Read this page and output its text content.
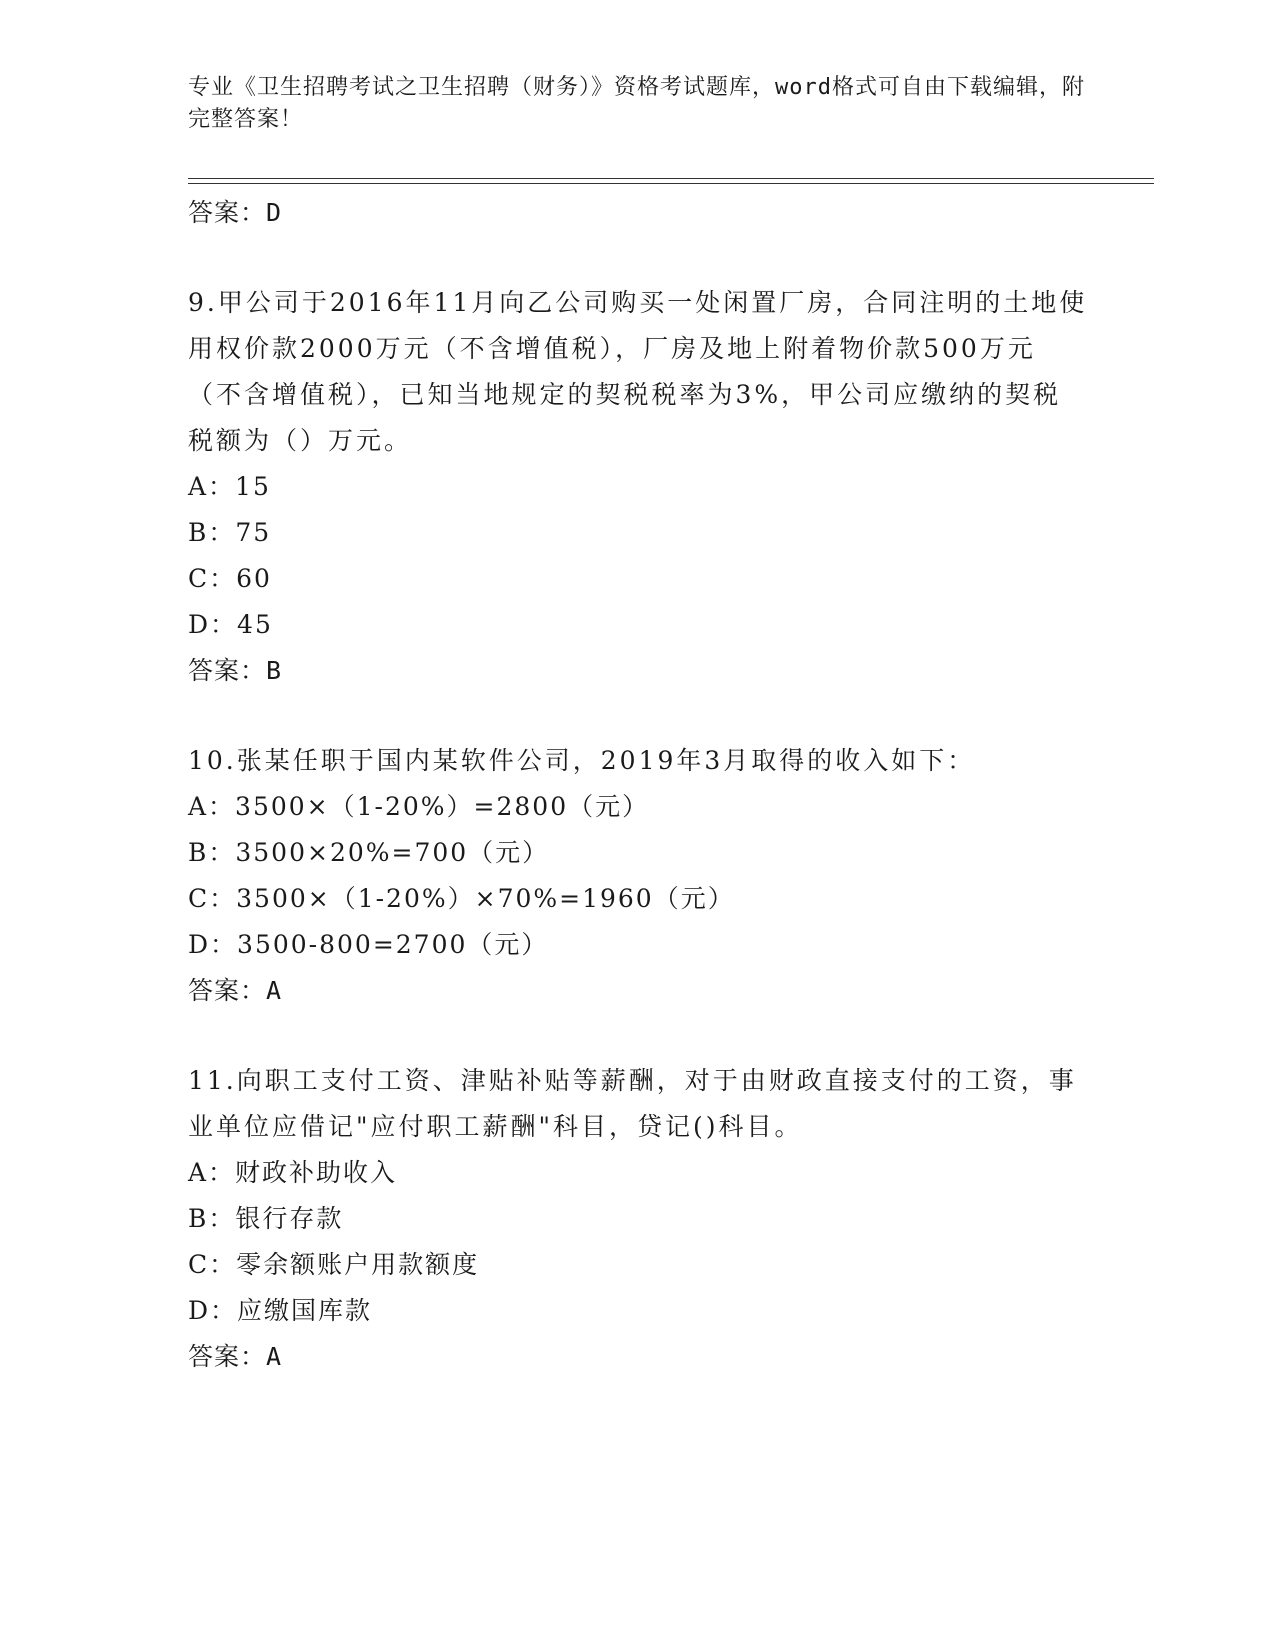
专业《卫生招聘考试之卫生招聘（财务）》资格考试题库，word格式可自由下载编辑，附完整答案！
答案：D
9.甲公司于2016年11月向乙公司购买一处闲置厂房，合同注明的土地使用权价款2000万元（不含增值税），厂房及地上附着物价款500万元（不含增值税），已知当地规定的契税税率为3%，甲公司应缴纳的契税税额为（）万元。
A：15
B：75
C：60
D：45
答案：B
10.张某任职于国内某软件公司，2019年3月取得的收入如下：
A：3500×（1-20%）=2800（元）
B：3500×20%=700（元）
C：3500×（1-20%）×70%=1960（元）
D：3500-800=2700（元）
答案：A
11.向职工支付工资、津贴补贴等薪酬，对于由财政直接支付的工资，事业单位应借记"应付职工薪酬"科目，贷记()科目。
A：财政补助收入
B：银行存款
C：零余额账户用款额度
D：应缴国库款
答案：A
